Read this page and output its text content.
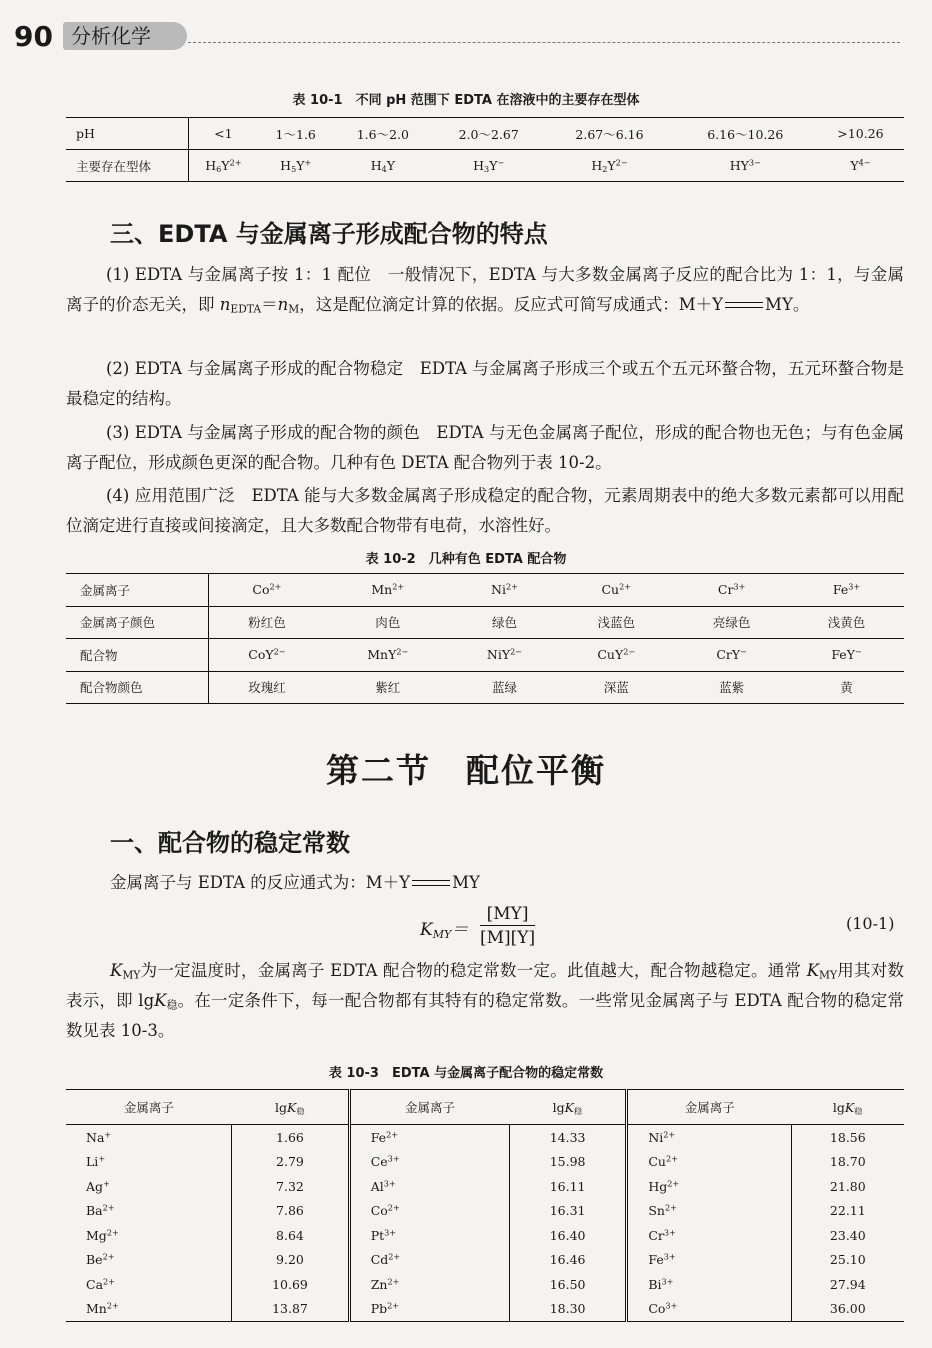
90 分析化学
表 10-1　不同 pH 范围下 EDTA 在溶液中的主要存在型体
pH	<1	1～1.6	1.6～2.0	2.0～2.67	2.67～6.16	6.16～10.26	>10.26
主要存在型体	$H_6Y^{2+}$	$H_5Y^+$	$H_4Y$	$H_3Y^-$	$H_2Y^{2-}$	$HY^{3-}$	$Y^{4-}$
三、EDTA 与金属离子形成配合物的特点
(1) EDTA 与金属离子按 1：1 配位　一般情况下，EDTA 与大多数金属离子反应的配合比为 1：1，与金属离子的价态无关，即 $n_{EDTA}=n_M$，这是配位滴定计算的依据。反应式可简写成通式：M＋Y	MY。
(2) EDTA 与金属离子形成的配合物稳定　EDTA 与金属离子形成三个或五个五元环螯合物，五元环螯合物是最稳定的结构。
(3) EDTA 与金属离子形成的配合物的颜色　EDTA 与无色金属离子配位，形成的配合物也无色；与有色金属离子配位，形成颜色更深的配合物。几种有色 DETA 配合物列于表 10-2。
(4) 应用范围广泛　EDTA 能与大多数金属离子形成稳定的配合物，元素周期表中的绝大多数元素都可以用配位滴定进行直接或间接滴定，且大多数配合物带有电荷，水溶性好。
表 10-2　几种有色 EDTA 配合物
金属离子	$Co^{2+}$	$Mn^{2+}$	$Ni^{2+}$	$Cu^{2+}$	$Cr^{3+}$	$Fe^{3+}$
金属离子颜色	粉红色	肉色	绿色	浅蓝色	亮绿色	浅黄色
配合物	CoY$^{2-}$	MnY$^{2-}$	NiY$^{2-}$	CuY$^{2-}$	CrY−	FeY−
配合物颜色	玫瑰红	紫红	蓝绿	深蓝	蓝紫	黄
第二节　配位平衡
一、配合物的稳定常数
金属离子与 EDTA 的反应通式为：M＋Y	MY
$K_{MY}= \frac{[MY]}{[M][Y]}$	(10-1)
$K_{MY}$为一定温度时，金属离子 EDTA 配合物的稳定常数一定。此值越大，配合物越稳定。通常 $K_{MY}$用其对数表示，即 lgK$_稳$。在一定条件下，每一配合物都有其特有的稳定常数。一些常见金属离子与 EDTA 配合物的稳定常数见表 10-3。
表 10-3　EDTA 与金属离子配合物的稳定常数
金属离子	lgK$_稳$	金属离子	lgK$_稳$	金属离子	lgK$_稳$
Na+	1.66	$Fe^{2+}$	14.33	$Ni^{2+}$	18.56
Li+	2.79	$Ce^{3+}$	15.98	$Cu^{2+}$	18.70
Ag+	7.32	$Al^{3+}$	16.11	$Hg^{2+}$	21.80
$Ba^{2+}$	7.86	$Co^{2+}$	16.31	$Sn^{2+}$	22.11
$Mg^{2+}$	8.64	$Pt^{3+}$	16.40	$Cr^{3+}$	23.40
$Be^{2+}$	9.20	$Cd^{2+}$	16.46	$Fe^{3+}$	25.10
$Ca^{2+}$	10.69	$Zn^{2+}$	16.50	$Bi^{3+}$	27.94
$Mn^{2+}$	13.87	$Pb^{2+}$	18.30	$Co^{3+}$	36.00
